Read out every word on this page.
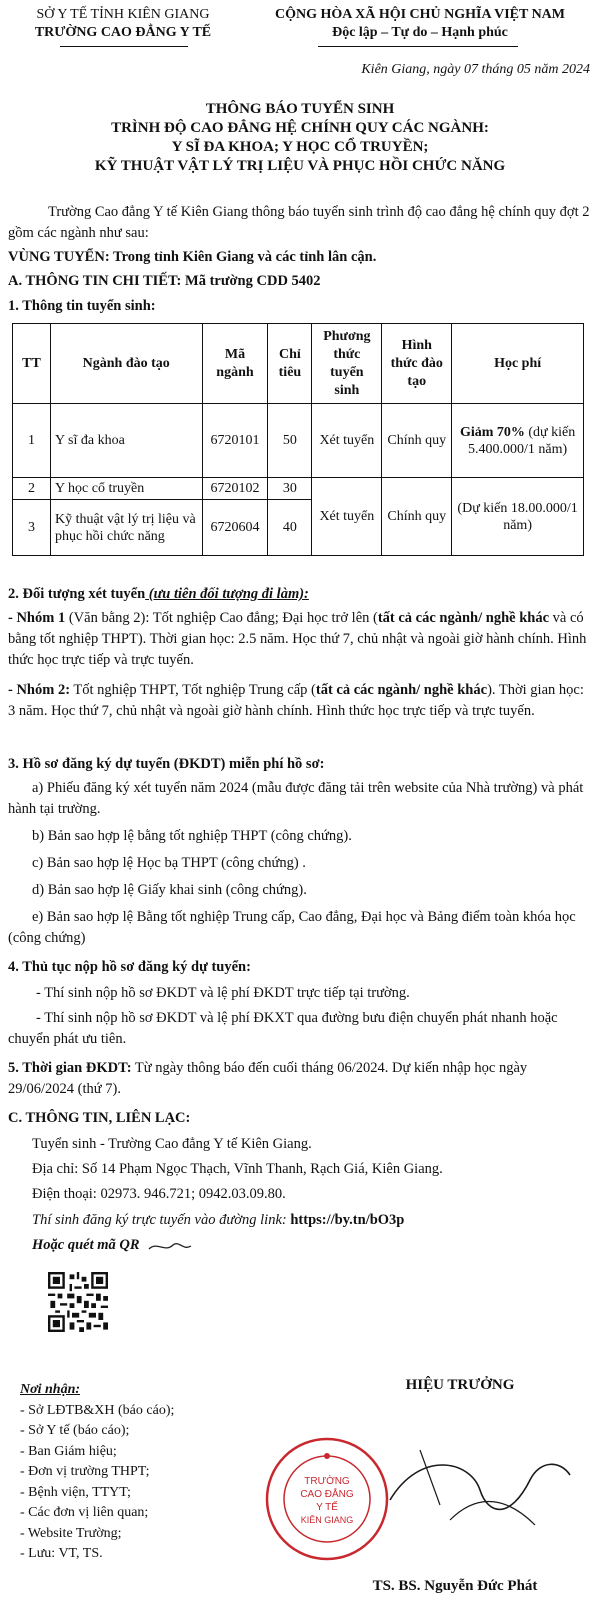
SỞ Y TẾ TỈNH KIÊN GIANG
TRƯỜNG CAO ĐẲNG Y TẾ
CỘNG HÒA XÃ HỘI CHỦ NGHĨA VIỆT NAM
Độc lập – Tự do – Hạnh phúc
Kiên Giang, ngày 07 tháng 05 năm 2024
THÔNG BÁO TUYỂN SINH
TRÌNH ĐỘ CAO ĐẲNG HỆ CHÍNH QUY CÁC NGÀNH:
Y SĨ ĐA KHOA; Y HỌC CỔ TRUYỀN;
KỸ THUẬT VẬT LÝ TRỊ LIỆU VÀ PHỤC HỒI CHỨC NĂNG
Trường Cao đẳng Y tế Kiên Giang thông báo tuyển sinh trình độ cao đẳng hệ chính quy đợt 2 gồm các ngành như sau:
VÙNG TUYỂN: Trong tỉnh Kiên Giang và các tỉnh lân cận.
A. THÔNG TIN CHI TIẾT: Mã trường CDD 5402
1. Thông tin tuyển sinh:
TT	Ngành đào tạo	Mã ngành	Chỉ tiêu	Phương thức tuyển sinh	Hình thức đào tạo	Học phí
1	Y sĩ đa khoa	6720101	50	Xét tuyển	Chính quy	Giảm 70% (dự kiến 5.400.000/1 năm)
2	Y học cổ truyền	6720102	30	Xét tuyển	Chính quy	(Dự kiến 18.00.000/1 năm)
3	Kỹ thuật vật lý trị liệu và phục hồi chức năng	6720604	40			
2. Đối tượng xét tuyển (ưu tiên đối tượng đi làm):
- Nhóm 1 (Văn bằng 2): Tốt nghiệp Cao đẳng; Đại học trở lên (tất cả các ngành/ nghề khác và có bằng tốt nghiệp THPT). Thời gian học: 2.5 năm. Học thứ 7, chủ nhật và ngoài giờ hành chính. Hình thức học trực tiếp và trực tuyến.
- Nhóm 2: Tốt nghiệp THPT, Tốt nghiệp Trung cấp (tất cả các ngành/ nghề khác). Thời gian học: 3 năm. Học thứ 7, chủ nhật và ngoài giờ hành chính. Hình thức học trực tiếp và trực tuyến.
3. Hồ sơ đăng ký dự tuyển (ĐKDT) miễn phí hồ sơ:
a) Phiếu đăng ký xét tuyển năm 2024 (mẫu được đăng tải trên website của Nhà trường) và phát hành tại trường.
b) Bản sao hợp lệ bằng tốt nghiệp THPT (công chứng).
c) Bản sao hợp lệ Học bạ THPT (công chứng) .
d) Bản sao hợp lệ Giấy khai sinh (công chứng).
e) Bản sao hợp lệ Bằng tốt nghiệp Trung cấp, Cao đẳng, Đại học và Bảng điểm toàn khóa học (công chứng)
4. Thủ tục nộp hồ sơ đăng ký dự tuyển:
- Thí sinh nộp hồ sơ ĐKDT và lệ phí ĐKDT trực tiếp tại trường.
- Thí sinh nộp hồ sơ ĐKDT và lệ phí ĐKXT qua đường bưu điện chuyển phát nhanh hoặc chuyển phát ưu tiên.
5. Thời gian ĐKDT: Từ ngày thông báo đến cuối tháng 06/2024. Dự kiến nhập học ngày 29/06/2024 (thứ 7).
C. THÔNG TIN, LIÊN LẠC:
Tuyển sinh - Trường Cao đẳng Y tế Kiên Giang.
Địa chỉ: Số 14 Phạm Ngọc Thạch, Vĩnh Thanh, Rạch Giá, Kiên Giang.
Điện thoại: 02973. 946.721; 0942.03.09.80.
Thí sinh đăng ký trực tuyến vào đường link: https://by.tn/bO3p
Hoặc quét mã QR
Nơi nhận:
- Sở LĐTB&XH (báo cáo);
- Sở Y tế (báo cáo);
- Ban Giám hiệu;
- Đơn vị trường THPT;
- Bệnh viện, TTYT;
- Các đơn vị liên quan;
- Website Trường;
- Lưu: VT, TS.
HIỆU TRƯỞNG
TRƯỜNG
CAO ĐẲNG
Y TẾ
KIÊN GIANG
TS. BS. Nguyễn Đức Phát
